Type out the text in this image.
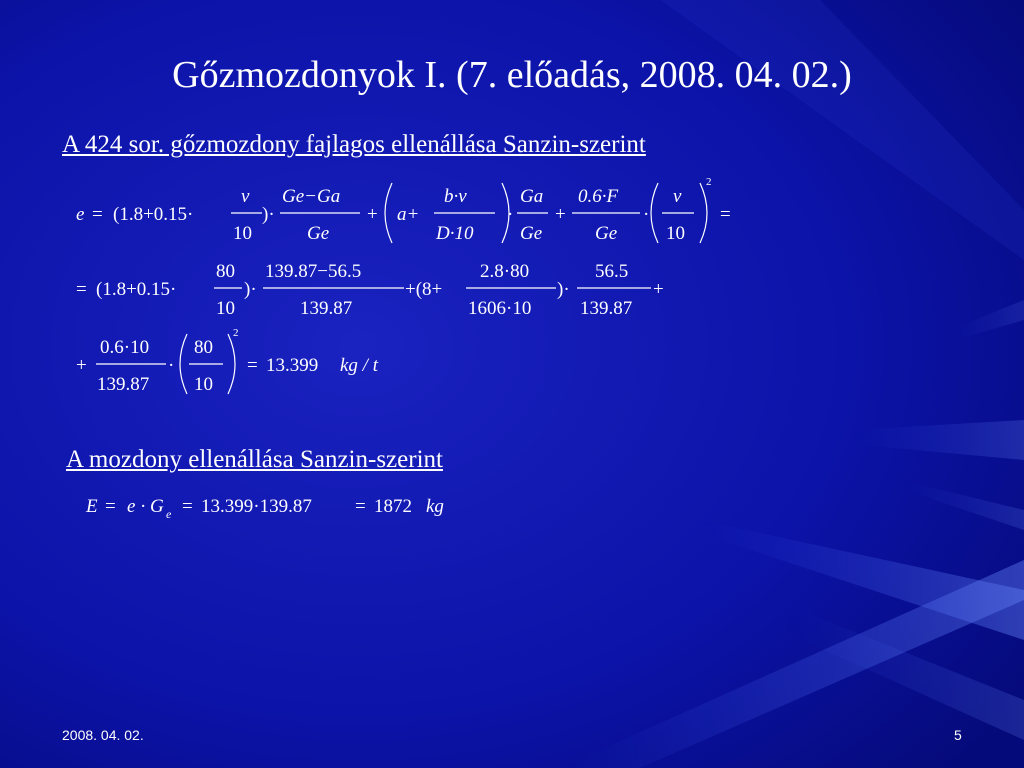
Gőzmozdonyok I. (7. előadás, 2008. 04. 02.)
A 424 sor. gőzmozdony fajlagos ellenállása Sanzin-szerint
A mozdony ellenállása Sanzin-szerint
e = (1.8+0.15·
v
10
)·
Ge−Ga
Ge
+ a+
b·v
D·10
·
Ga
Ge
+
0.6·F
Ge
·
v
10
2
=
= (1.8+0.15·
80
10
)·
139.87−56.5
139.87
+(8+
2.8·80
1606·10
)·
56.5
139.87
+
+
0.6·10
139.87
·
80
10
2
= 13.399 kg / t
E = e · G e = 13.399·139.87 = 1872 kg
2008. 04. 02.	5
